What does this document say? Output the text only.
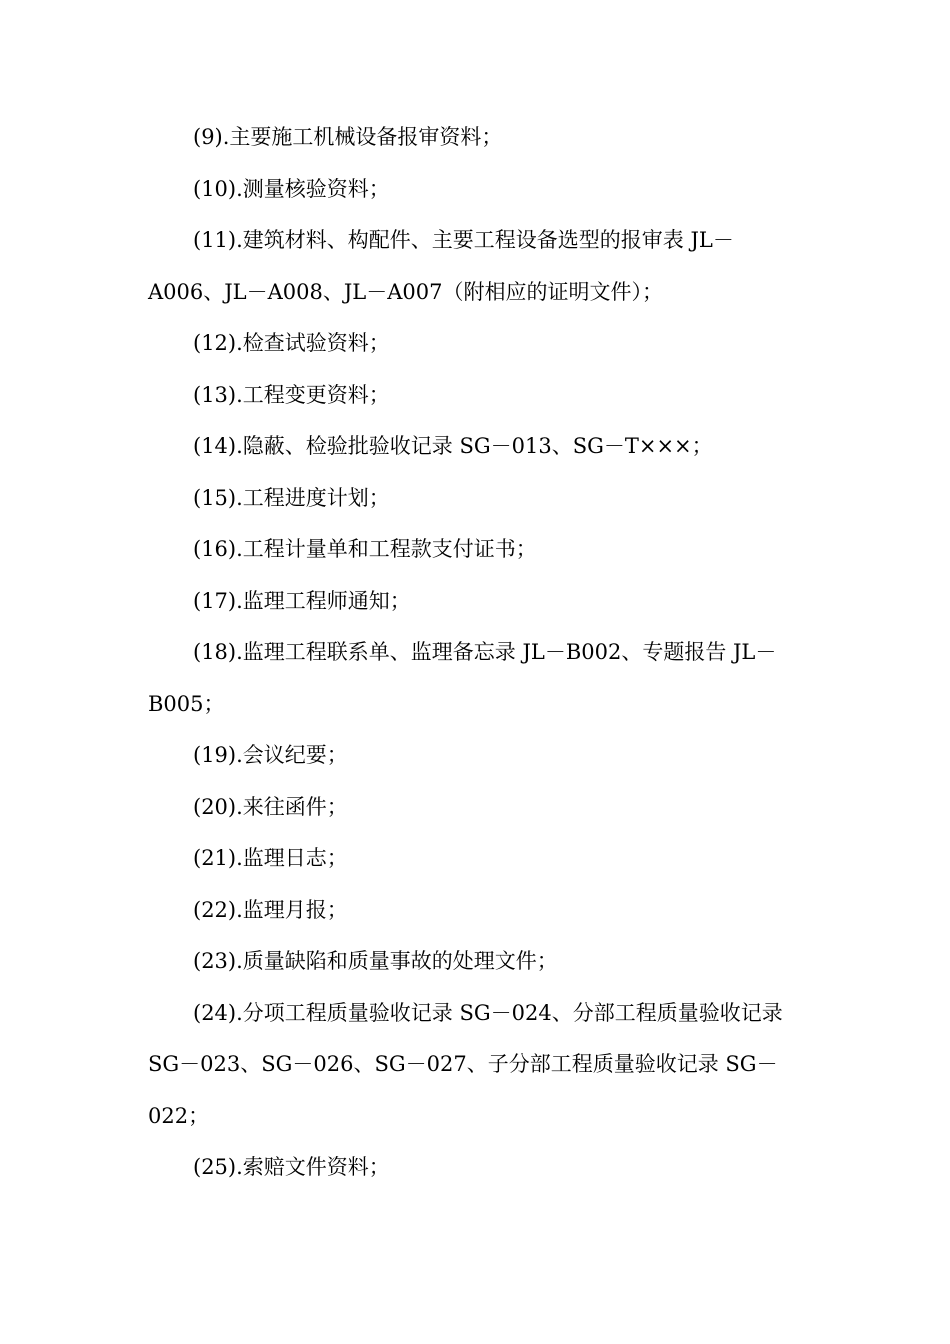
(9).主要施工机械设备报审资料；
(10).测量核验资料；
(11).建筑材料、构配件、主要工程设备选型的报审表 JL－
A006、JL－A008、JL－A007（附相应的证明文件）；
(12).检查试验资料；
(13).工程变更资料；
(14).隐蔽、检验批验收记录 SG－013、SG－T×××；
(15).工程进度计划；
(16).工程计量单和工程款支付证书；
(17).监理工程师通知；
(18).监理工程联系单、监理备忘录 JL－B002、专题报告 JL－
B005；
(19).会议纪要；
(20).来往函件；
(21).监理日志；
(22).监理月报；
(23).质量缺陷和质量事故的处理文件；
(24).分项工程质量验收记录 SG－024、分部工程质量验收记录
SG－023、SG－026、SG－027、子分部工程质量验收记录 SG－
022；
(25).索赔文件资料；
